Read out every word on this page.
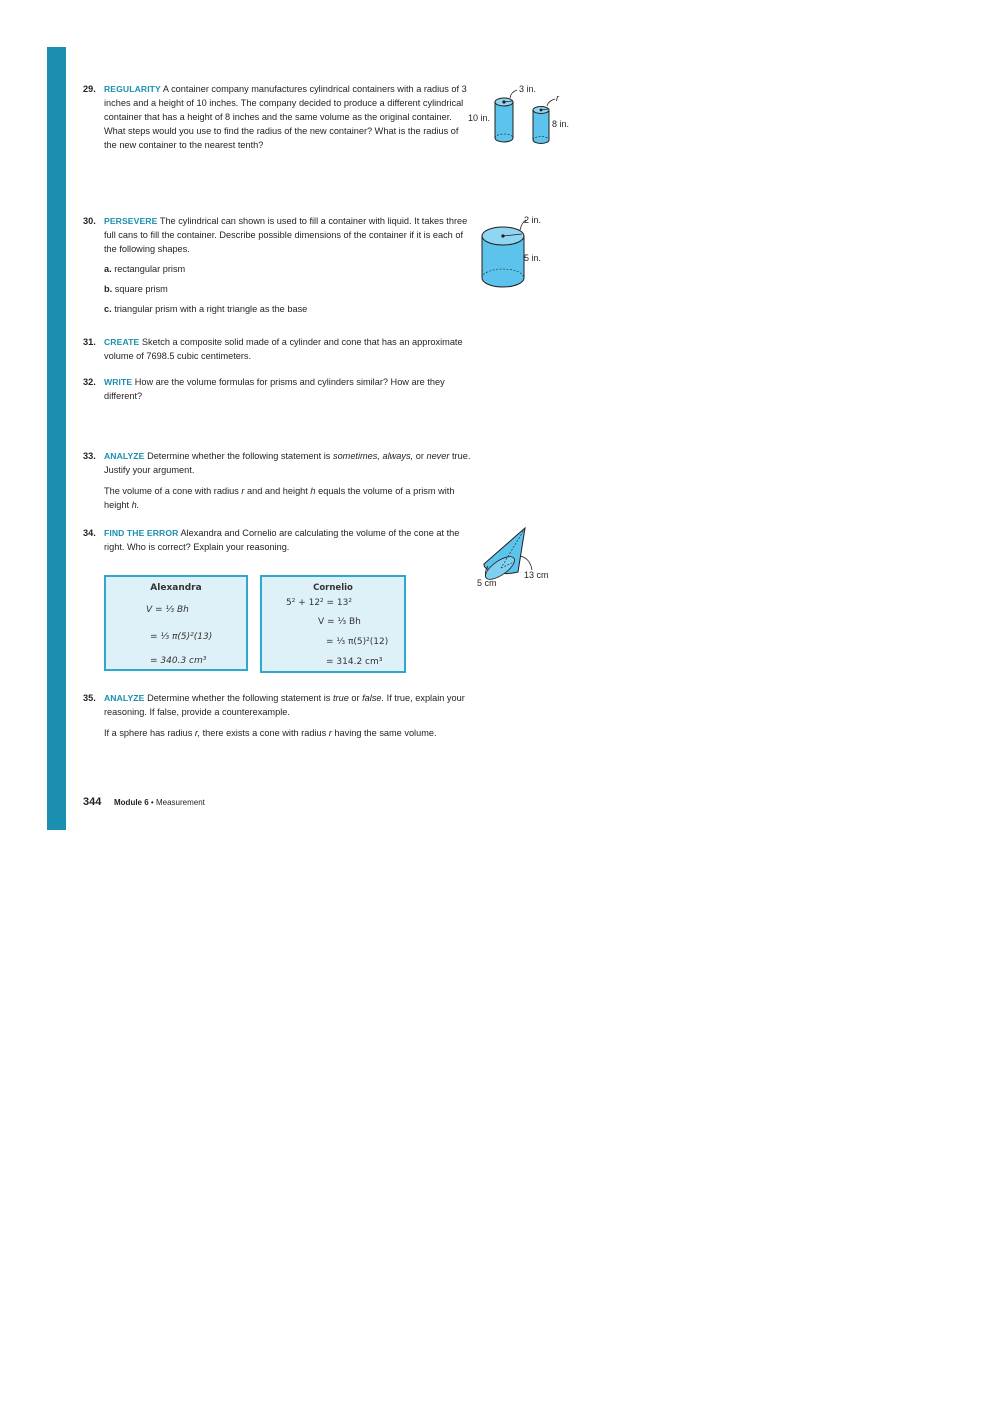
29. REGULARITY A container company manufactures cylindrical containers with a radius of 3 inches and a height of 10 inches. The company decided to produce a different cylindrical container that has a height of 8 inches and the same volume as the original container. What steps would you use to find the radius of the new container? What is the radius of the new container to the nearest tenth?
3 in.
10 in.
r
8 in.
30. PERSEVERE The cylindrical can shown is used to fill a container with liquid. It takes three full cans to fill the container. Describe possible dimensions of the container if it is each of the following shapes.
a. rectangular prism
b. square prism
c. triangular prism with a right triangle as the base
2 in.
5 in.
31. CREATE Sketch a composite solid made of a cylinder and cone that has an approximate volume of 7698.5 cubic centimeters.
32. WRITE How are the volume formulas for prisms and cylinders similar? How are they different?
33. ANALYZE Determine whether the following statement is sometimes, always, or never true. Justify your argument.
The volume of a cone with radius r and and height h equals the volume of a prism with height h.
34. FIND THE ERROR Alexandra and Cornelio are calculating the volume of the cone at the right. Who is correct? Explain your reasoning.
13 cm
5 cm
Alexandra
V = ⅓ Bh
= ⅓ π(5)²(13)
= 340.3 cm³
Cornelio
5² + 12² = 13²
V = ⅓ Bh
= ⅓ π(5)²(12)
= 314.2 cm³
35. ANALYZE Determine whether the following statement is true or false. If true, explain your reasoning. If false, provide a counterexample.
If a sphere has radius r, there exists a cone with radius r having the same volume.
344 Module 6 • Measurement
